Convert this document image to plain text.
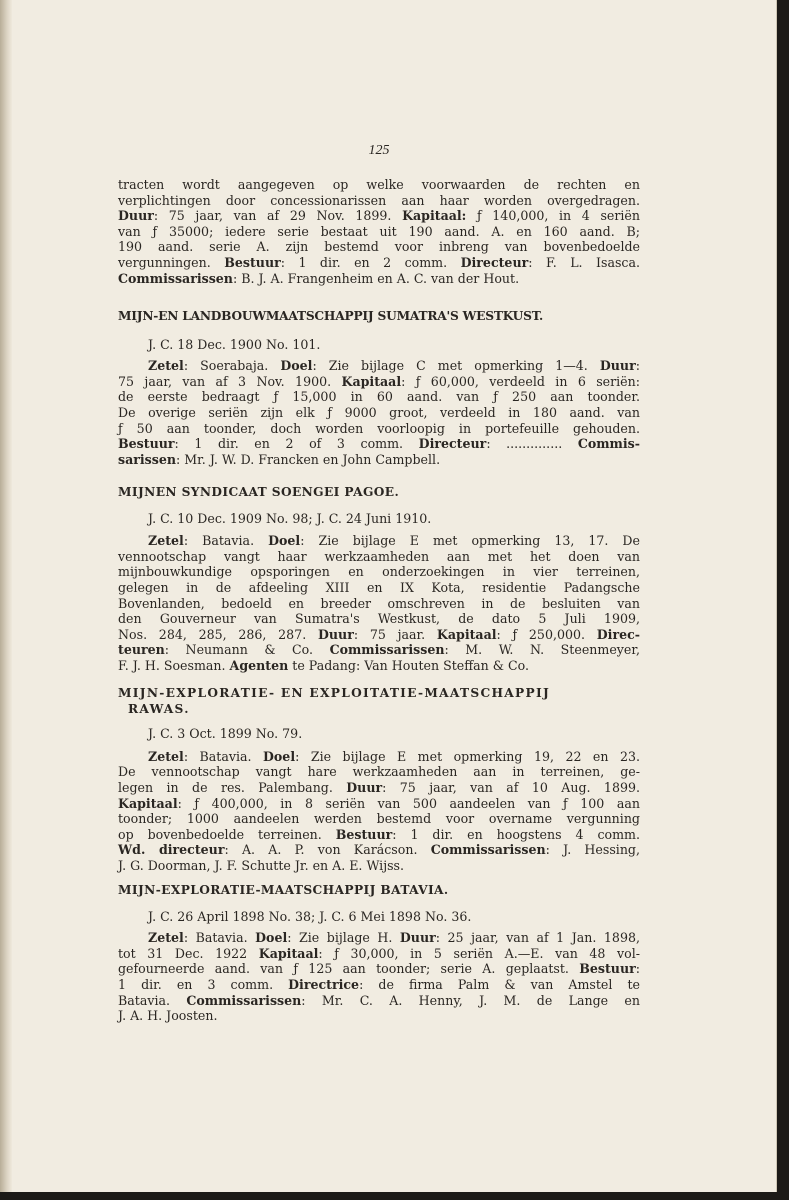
125
tracten wordt aangegeven op welke voorwaarden de rechten en
verplichtingen door concessionarissen aan haar worden overgedragen.
Duur: 75 jaar, van af 29 Nov. 1899. Kapitaal: ƒ 140,000, in 4 seriën
van ƒ 35000; iedere serie bestaat uit 190 aand. A. en 160 aand. B;
190 aand. serie A. zijn bestemd voor inbreng van bovenbedoelde
vergunningen. Bestuur: 1 dir. en 2 comm. Directeur: F. L. Isasca.
Commissarissen: B. J. A. Frangenheim en A. C. van der Hout.
MIJN-EN LANDBOUWMAATSCHAPPIJ SUMATRA'S WESTKUST.
J. C. 18 Dec. 1900 No. 101.
Zetel: Soerabaja. Doel: Zie bijlage C met opmerking 1—4. Duur:
75 jaar, van af 3 Nov. 1900. Kapitaal: ƒ 60,000, verdeeld in 6 seriën:
de eerste bedraagt ƒ 15,000 in 60 aand. van ƒ 250 aan toonder.
De overige seriën zijn elk ƒ 9000 groot, verdeeld in 180 aand. van
ƒ 50 aan toonder, doch worden voorloopig in portefeuille gehouden.
Bestuur: 1 dir. en 2 of 3 comm. Directeur: .............. Commis-
sarissen: Mr. J. W. D. Francken en John Campbell.
MIJNEN SYNDICAAT SOENGEI PAGOE.
J. C. 10 Dec. 1909 No. 98; J. C. 24 Juni 1910.
Zetel: Batavia. Doel: Zie bijlage E met opmerking 13, 17. De
vennootschap vangt haar werkzaamheden aan met het doen van
mijnbouwkundige opsporingen en onderzoekingen in vier terreinen,
gelegen in de afdeeling XIII en IX Kota, residentie Padangsche
Bovenlanden, bedoeld en breeder omschreven in de besluiten van
den Gouverneur van Sumatra's Westkust, de dato 5 Juli 1909,
Nos. 284, 285, 286, 287. Duur: 75 jaar. Kapitaal: ƒ 250,000. Direc-
teuren: Neumann & Co. Commissarissen: M. W. N. Steenmeyer,
F. J. H. Soesman. Agenten te Padang: Van Houten Steffan & Co.
MIJN-EXPLORATIE- EN EXPLOITATIE-MAATSCHAPPIJ
RAWAS.
J. C. 3 Oct. 1899 No. 79.
Zetel: Batavia. Doel: Zie bijlage E met opmerking 19, 22 en 23.
De vennootschap vangt hare werkzaamheden aan in terreinen, ge-
legen in de res. Palembang. Duur: 75 jaar, van af 10 Aug. 1899.
Kapitaal: ƒ 400,000, in 8 seriën van 500 aandeelen van ƒ 100 aan
toonder; 1000 aandeelen werden bestemd voor overname vergunning
op bovenbedoelde terreinen. Bestuur: 1 dir. en hoogstens 4 comm.
Wd. directeur: A. A. P. von Karácson. Commissarissen: J. Hessing,
J. G. Doorman, J. F. Schutte Jr. en A. E. Wijss.
MIJN-EXPLORATIE-MAATSCHAPPIJ BATAVIA.
J. C. 26 April 1898 No. 38; J. C. 6 Mei 1898 No. 36.
Zetel: Batavia. Doel: Zie bijlage H. Duur: 25 jaar, van af 1 Jan. 1898,
tot 31 Dec. 1922 Kapitaal: ƒ 30,000, in 5 seriën A.—E. van 48 vol-
gefourneerde aand. van ƒ 125 aan toonder; serie A. geplaatst. Bestuur:
1 dir. en 3 comm. Directrice: de firma Palm & van Amstel te
Batavia. Commissarissen: Mr. C. A. Henny, J. M. de Lange en
J. A. H. Joosten.
